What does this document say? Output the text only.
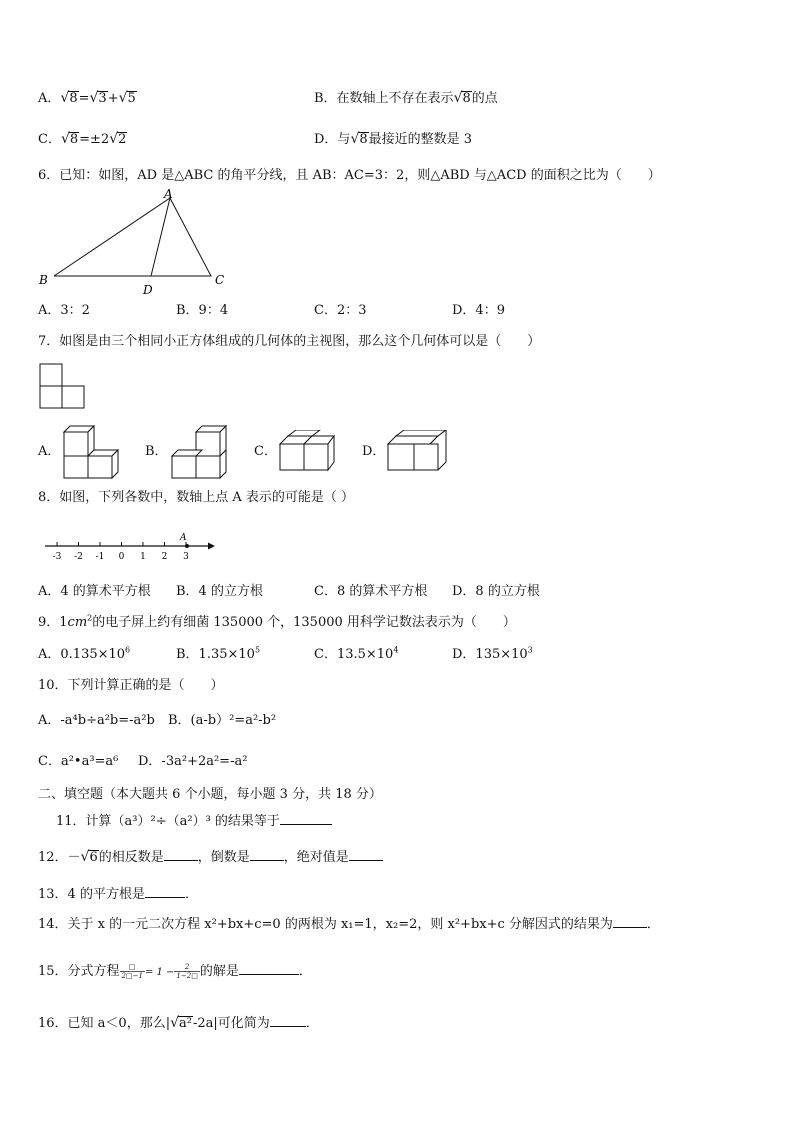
A．√8=√3+√5	B．在数轴上不存在表示√8的点
C．√8=±2√2	D．与√8最接近的整数是 3
6．已知：如图，AD 是△ABC 的角平分线，且 AB：AC=3：2，则△ABD 与△ACD 的面积之比为（　　）
A
B	C
D
A．3：2	B．9：4	C．2：3	D．4：9
7．如图是由三个相同小正方体组成的几何体的主视图，那么这个几何体可以是（　　）
A．	B．	C．	D．
8．如图，下列各数中，数轴上点 A 表示的可能是（ ）
-3 -2 -1 0 1 2 3
A
A．4 的算术平方根 B．4 的立方根	C．8 的算术平方根 D．8 的立方根
9．$1cm^2$的电子屏上约有细菌 135000 个，135000 用科学记数法表示为（　　）
A．$0.135\times 10^6$	B．$1.35\times 10^5$	C．$13.5\times 10^4$	D．$135\times 10^3$
10．下列计算正确的是（　　）
A．-a⁴b÷a²b=-a²b B．(a-b）²=a²-b²
C．a²•a³=a⁶ D．-3a²+2a²=-a²
二、填空题（本大题共 6 个小题，每小题 3 分，共 18 分）
11．计算（a³）²÷（a²）³ 的结果等于
12．－√6的相反数是	，倒数是	，绝对值是
13．4 的平方根是	．
14．关于 x 的一元二次方程 x²+bx+c=0 的两根为 x₁=1，x₂=2，则 x²+bx+c 分解因式的结果为	．
15．分式方程 $\frac{□}{2□-1} = 1 - \frac{2}{1-2□}$ 的解是	．
16．已知 a＜0，那么|√a²-2a|可化简为	．
